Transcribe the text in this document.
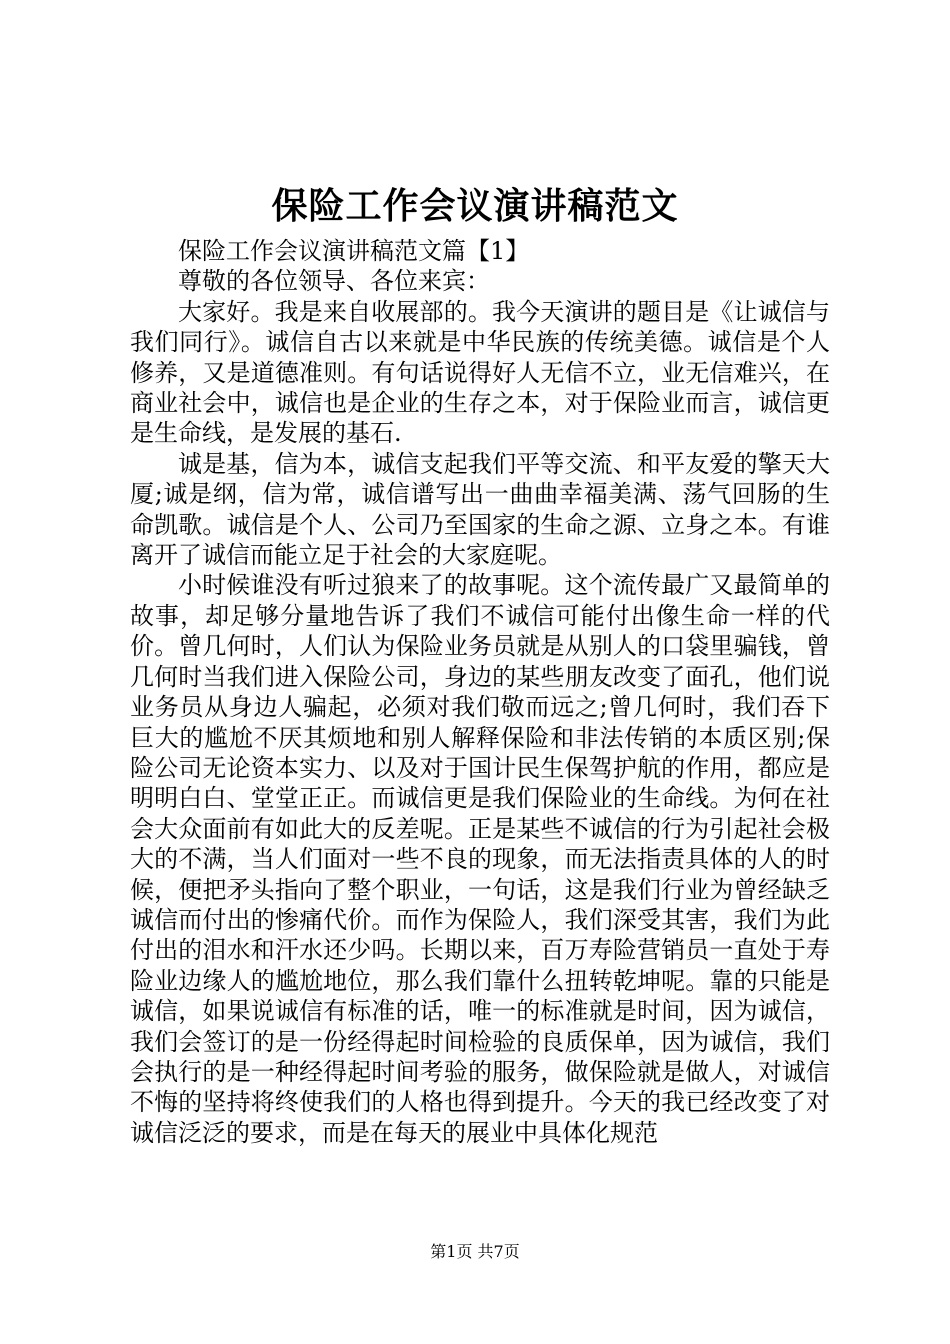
保险工作会议演讲稿范文

保险工作会议演讲稿范文篇【1】

尊敬的各位领导、各位来宾：

大家好。我是来自收展部的。我今天演讲的题目是《让诚信与我们同行》。诚信自古以来就是中华民族的传统美德。诚信是个人修养，又是道德准则。有句话说得好人无信不立，业无信难兴，在商业社会中，诚信也是企业的生存之本，对于保险业而言，诚信更是生命线，是发展的基石.

诚是基，信为本，诚信支起我们平等交流、和平友爱的擎天大厦;诚是纲，信为常，诚信谱写出一曲曲幸福美满、荡气回肠的生命凯歌。诚信是个人、公司乃至国家的生命之源、立身之本。有谁离开了诚信而能立足于社会的大家庭呢。

小时候谁没有听过狼来了的故事呢。这个流传最广又最简单的故事，却足够分量地告诉了我们不诚信可能付出像生命一样的代价。曾几何时，人们认为保险业务员就是从别人的口袋里骗钱，曾几何时当我们进入保险公司，身边的某些朋友改变了面孔，他们说业务员从身边人骗起，必须对我们敬而远之;曾几何时，我们吞下巨大的尴尬不厌其烦地和别人解释保险和非法传销的本质区别;保险公司无论资本实力、以及对于国计民生保驾护航的作用，都应是明明白白、堂堂正正。而诚信更是我们保险业的生命线。为何在社会大众面前有如此大的反差呢。正是某些不诚信的行为引起社会极大的不满，当人们面对一些不良的现象，而无法指责具体的人的时候，便把矛头指向了整个职业，一句话，这是我们行业为曾经缺乏诚信而付出的惨痛代价。而作为保险人，我们深受其害，我们为此付出的泪水和汗水还少吗。长期以来，百万寿险营销员一直处于寿险业边缘人的尴尬地位，那么我们靠什么扭转乾坤呢。靠的只能是诚信，如果说诚信有标准的话，唯一的标准就是时间，因为诚信，我们会签订的是一份经得起时间检验的良质保单，因为诚信，我们会执行的是一种经得起时间考验的服务，做保险就是做人，对诚信不悔的坚持将终使我们的人格也得到提升。今天的我已经改变了对诚信泛泛的要求，而是在每天的展业中具体化规范

第1页 共7页
